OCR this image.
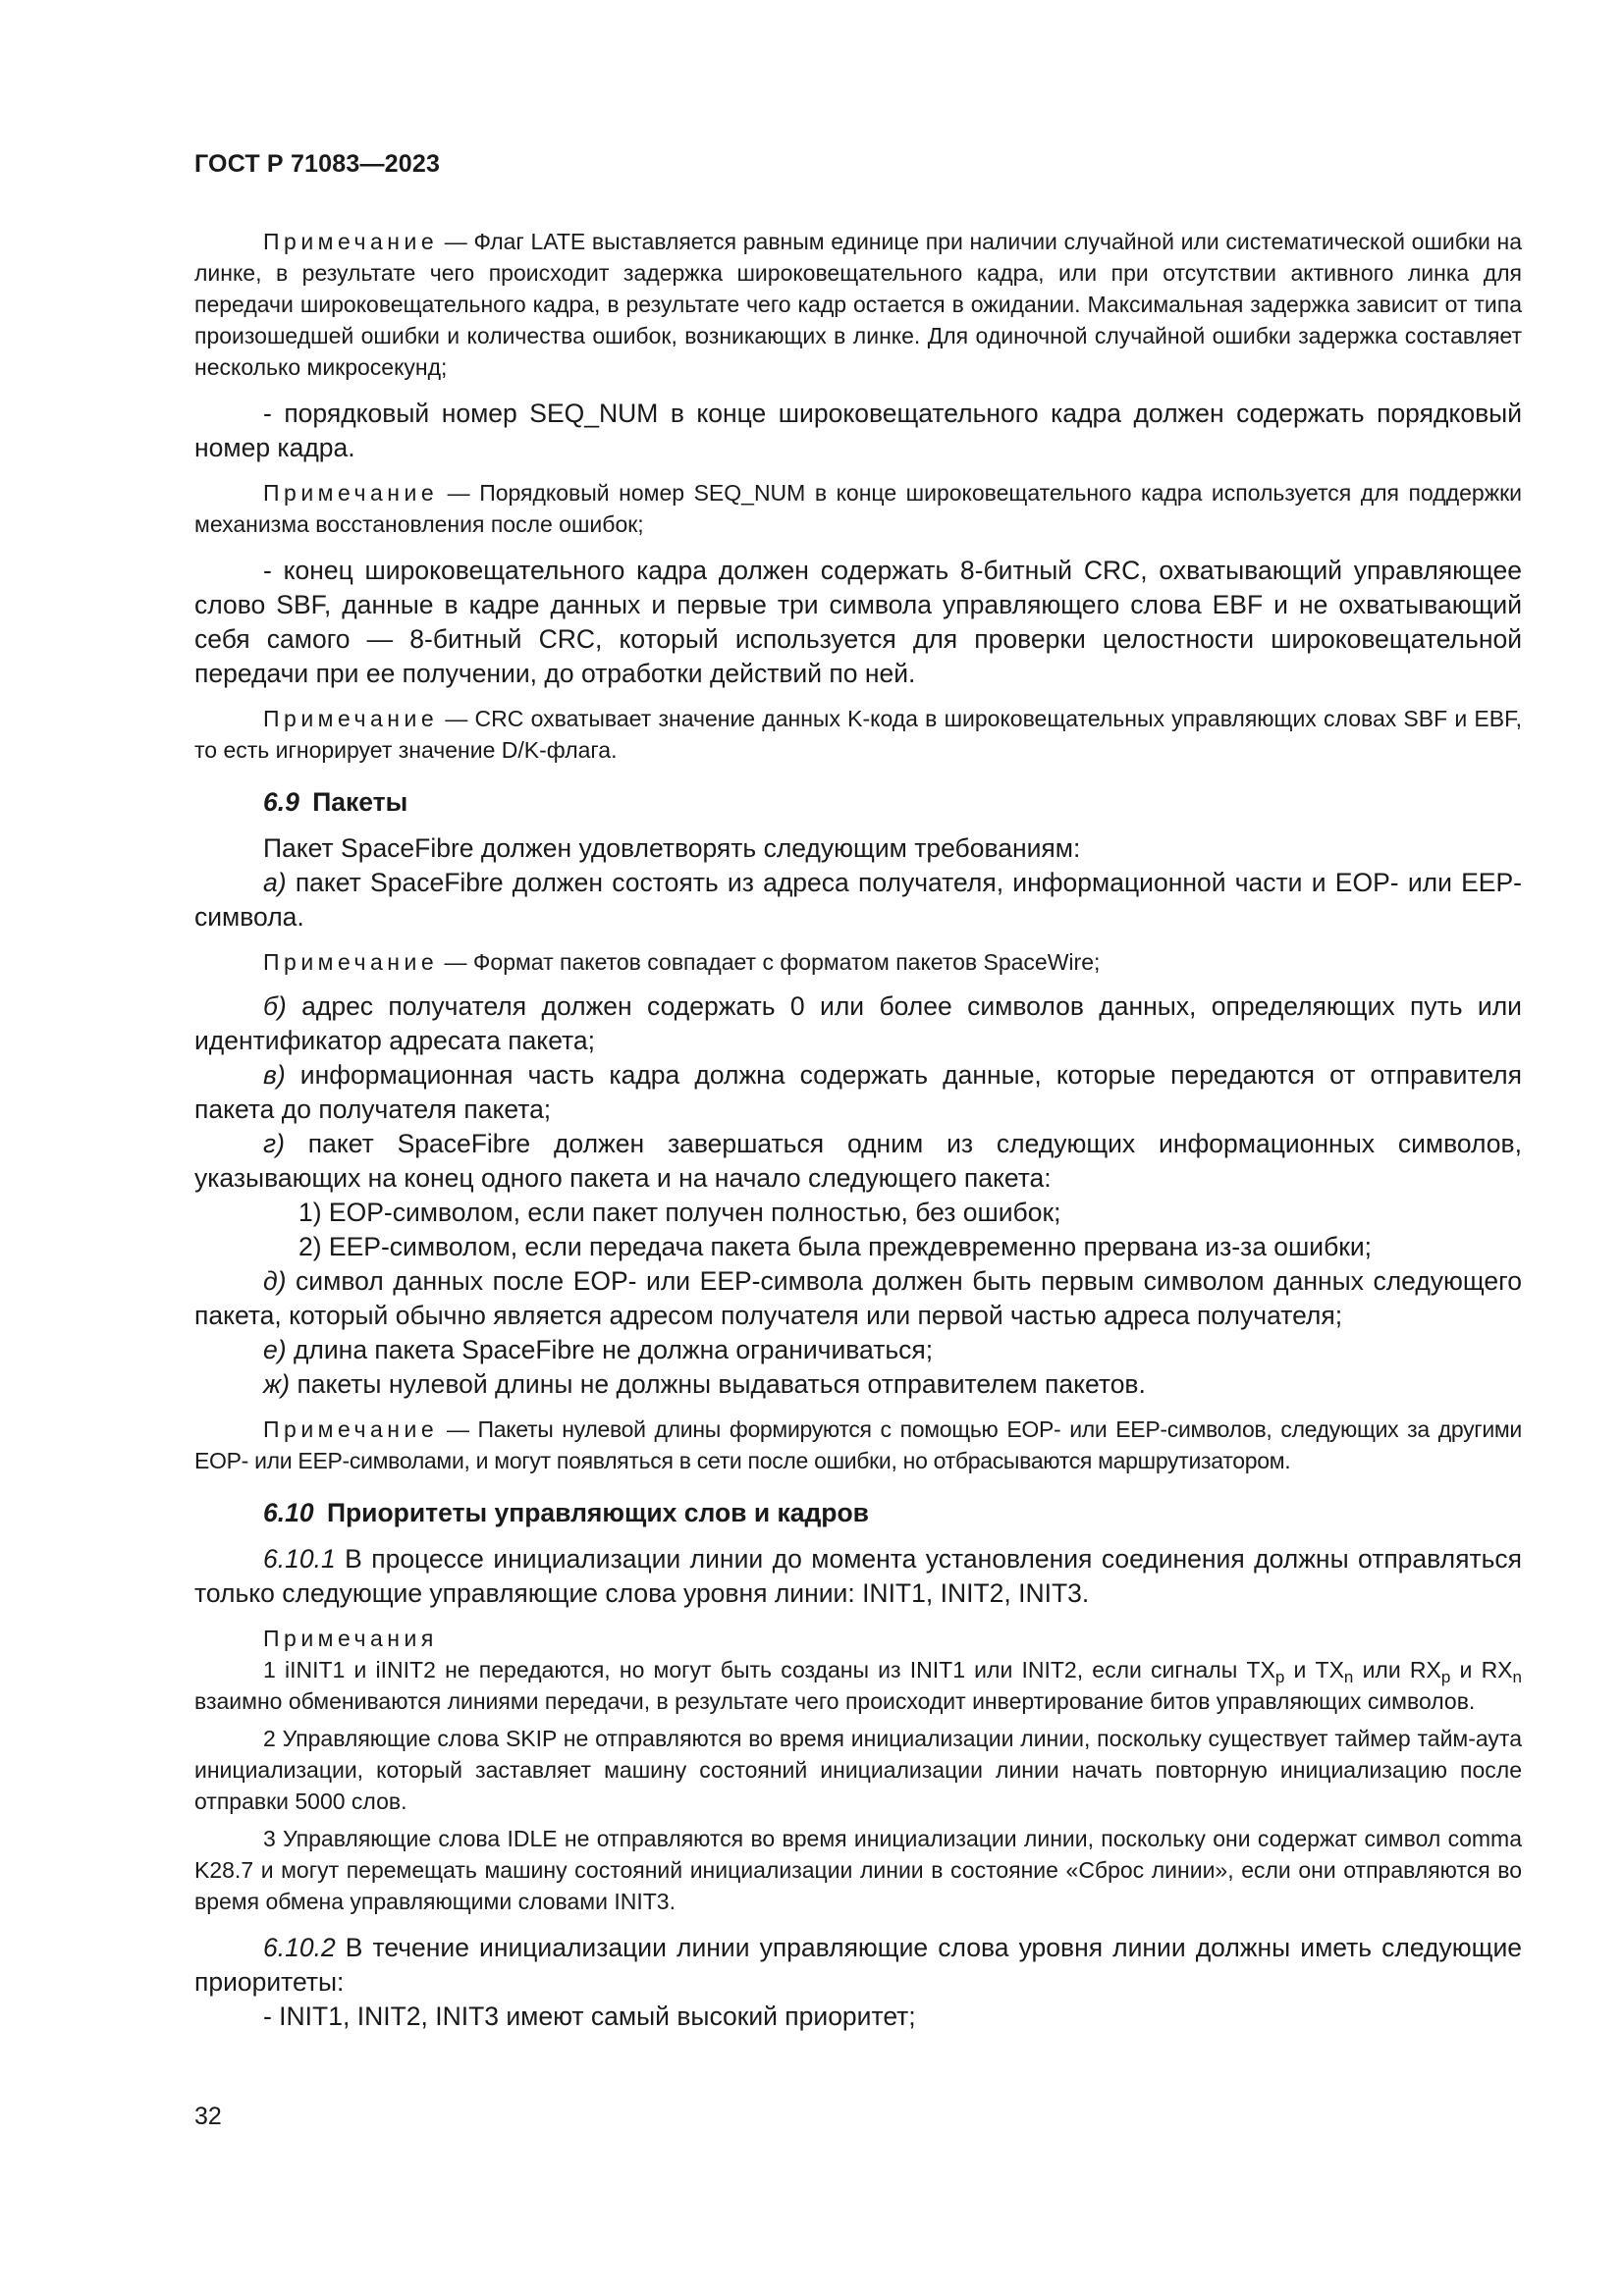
ГОСТ Р 71083—2023

Примечание — Флаг LATE выставляется равным единице при наличии случайной или систематической ошибки на линке, в результате чего происходит задержка широковещательного кадра, или при отсутствии активного линка для передачи широковещательного кадра, в результате чего кадр остается в ожидании. Максимальная задержка зависит от типа произошедшей ошибки и количества ошибок, возникающих в линке. Для одиночной случайной ошибки задержка составляет несколько микросекунд;

- порядковый номер SEQ_NUM в конце широковещательного кадра должен содержать порядковый номер кадра.

Примечание — Порядковый номер SEQ_NUM в конце широковещательного кадра используется для поддержки механизма восстановления после ошибок;

- конец широковещательного кадра должен содержать 8-битный CRC, охватывающий управляющее слово SBF, данные в кадре данных и первые три символа управляющего слова EBF и не охватывающий себя самого — 8-битный CRC, который используется для проверки целостности широковещательной передачи при ее получении, до отработки действий по ней.

Примечание — CRC охватывает значение данных K-кода в широковещательных управляющих словах SBF и EBF, то есть игнорирует значение D/K-флага.

6.9 Пакеты

Пакет SpaceFibre должен удовлетворять следующим требованиям:

а) пакет SpaceFibre должен состоять из адреса получателя, информационной части и EOP- или EEP-символа.

Примечание — Формат пакетов совпадает с форматом пакетов SpaceWire;

б) адрес получателя должен содержать 0 или более символов данных, определяющих путь или идентификатор адресата пакета;

в) информационная часть кадра должна содержать данные, которые передаются от отправителя пакета до получателя пакета;

г) пакет SpaceFibre должен завершаться одним из следующих информационных символов, указывающих на конец одного пакета и на начало следующего пакета:

1) EOP-символом, если пакет получен полностью, без ошибок;

2) EEP-символом, если передача пакета была преждевременно прервана из-за ошибки;

д) символ данных после EOP- или EEP-символа должен быть первым символом данных следующего пакета, который обычно является адресом получателя или первой частью адреса получателя;

е) длина пакета SpaceFibre не должна ограничиваться;

ж) пакеты нулевой длины не должны выдаваться отправителем пакетов.

Примечание — Пакеты нулевой длины формируются с помощью EOP- или EEP-символов, следующих за другими EOP- или EEP-символами, и могут появляться в сети после ошибки, но отбрасываются маршрутизатором.

6.10 Приоритеты управляющих слов и кадров

6.10.1 В процессе инициализации линии до момента установления соединения должны отправляться только следующие управляющие слова уровня линии: INIT1, INIT2, INIT3.

Примечания

1 iINIT1 и iINIT2 не передаются, но могут быть созданы из INIT1 или INIT2, если сигналы $TX_p$ и $TX_n$ или $RX_p$ и $RX_n$ взаимно обмениваются линиями передачи, в результате чего происходит инвертирование битов управляющих символов.

2 Управляющие слова SKIP не отправляются во время инициализации линии, поскольку существует таймер тайм-аута инициализации, который заставляет машину состояний инициализации линии начать повторную инициализацию после отправки 5000 слов.

3 Управляющие слова IDLE не отправляются во время инициализации линии, поскольку они содержат символ comma K28.7 и могут перемещать машину состояний инициализации линии в состояние «Сброс линии», если они отправляются во время обмена управляющими словами INIT3.

6.10.2 В течение инициализации линии управляющие слова уровня линии должны иметь следующие приоритеты:

- INIT1, INIT2, INIT3 имеют самый высокий приоритет;

32
